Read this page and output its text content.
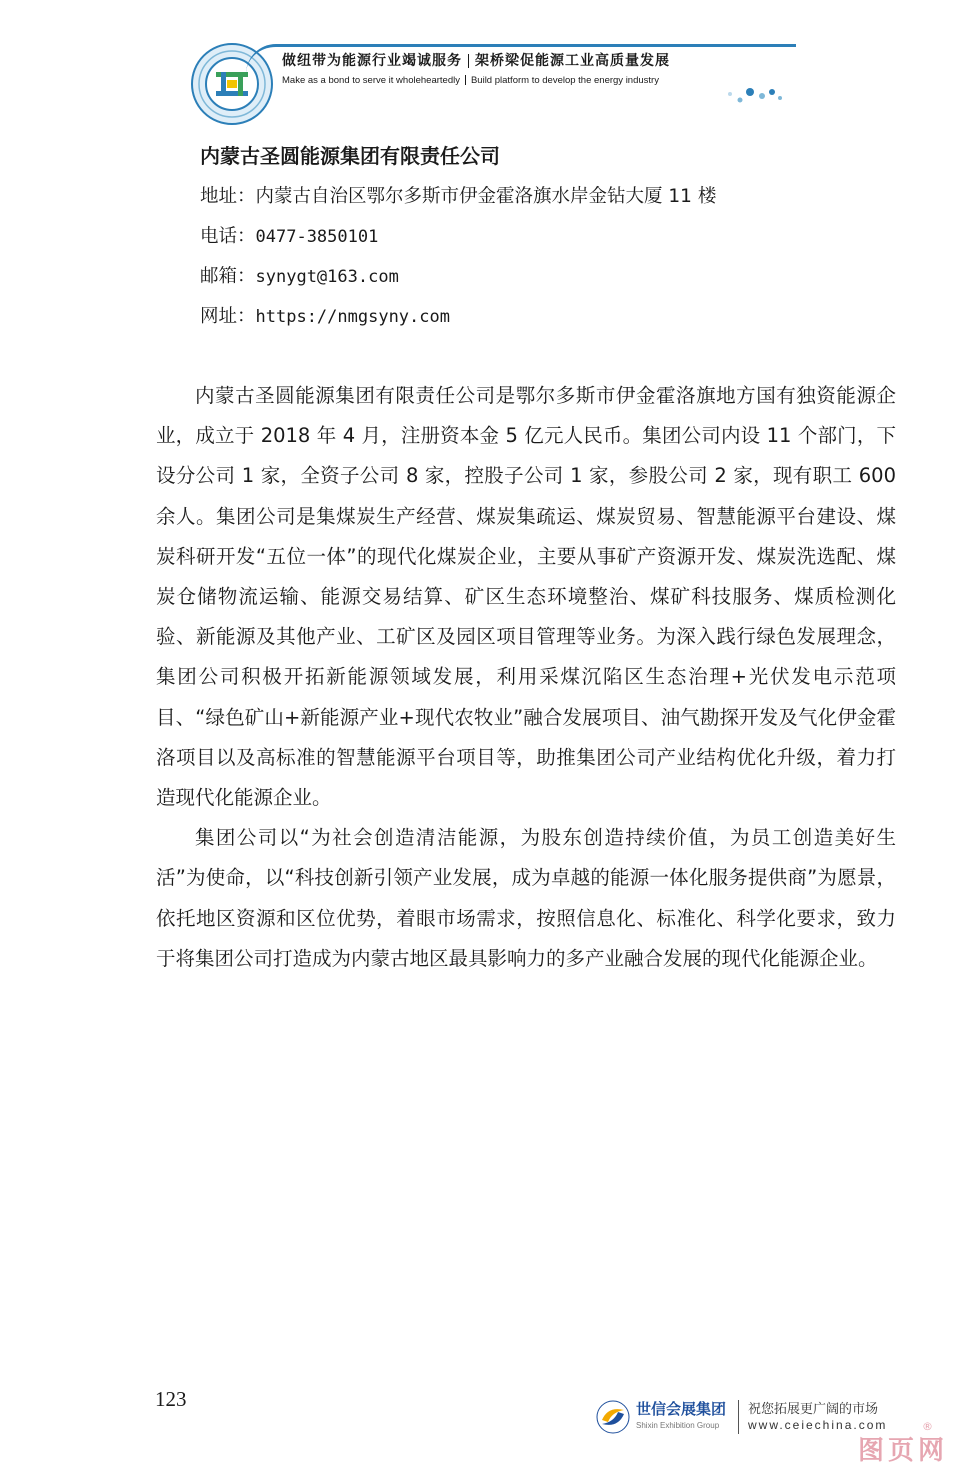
做纽带为能源行业竭诚服务 架桥梁促能源工业高质量发展
Make as a bond to serve it wholeheartedly Build platform to develop the energy industry
内蒙古圣圆能源集团有限责任公司
地址：内蒙古自治区鄂尔多斯市伊金霍洛旗水岸金钻大厦 11 楼
电话：0477-3850101
邮箱：synygt@163.com
网址：https://nmgsyny.com

内蒙古圣圆能源集团有限责任公司是鄂尔多斯市伊金霍洛旗地方国有独资能源企业，成立于 2018 年 4 月，注册资本金 5 亿元人民币。集团公司内设 11 个部门，下设分公司 1 家，全资子公司 8 家，控股子公司 1 家，参股公司 2 家，现有职工 600 余人。集团公司是集煤炭生产经营、煤炭集疏运、煤炭贸易、智慧能源平台建设、煤炭科研开发“五位一体”的现代化煤炭企业，主要从事矿产资源开发、煤炭洗选配、煤炭仓储物流运输、能源交易结算、矿区生态环境整治、煤矿科技服务、煤质检测化验、新能源及其他产业、工矿区及园区项目管理等业务。为深入践行绿色发展理念，集团公司积极开拓新能源领域发展，利用采煤沉陷区生态治理+光伏发电示范项目、“绿色矿山+新能源产业+现代农牧业”融合发展项目、油气勘探开发及气化伊金霍洛项目以及高标准的智慧能源平台项目等，助推集团公司产业结构优化升级，着力打造现代化能源企业。

集团公司以“为社会创造清洁能源，为股东创造持续价值，为员工创造美好生活”为使命，以“科技创新引领产业发展，成为卓越的能源一体化服务提供商”为愿景，依托地区资源和区位优势，着眼市场需求，按照信息化、标准化、科学化要求，致力于将集团公司打造成为内蒙古地区最具影响力的多产业融合发展的现代化能源企业。

123	世信会展集团
Shixin Exhibition Group
祝您拓展更广阔的市场
www.ceiechina.com	®
图页网
